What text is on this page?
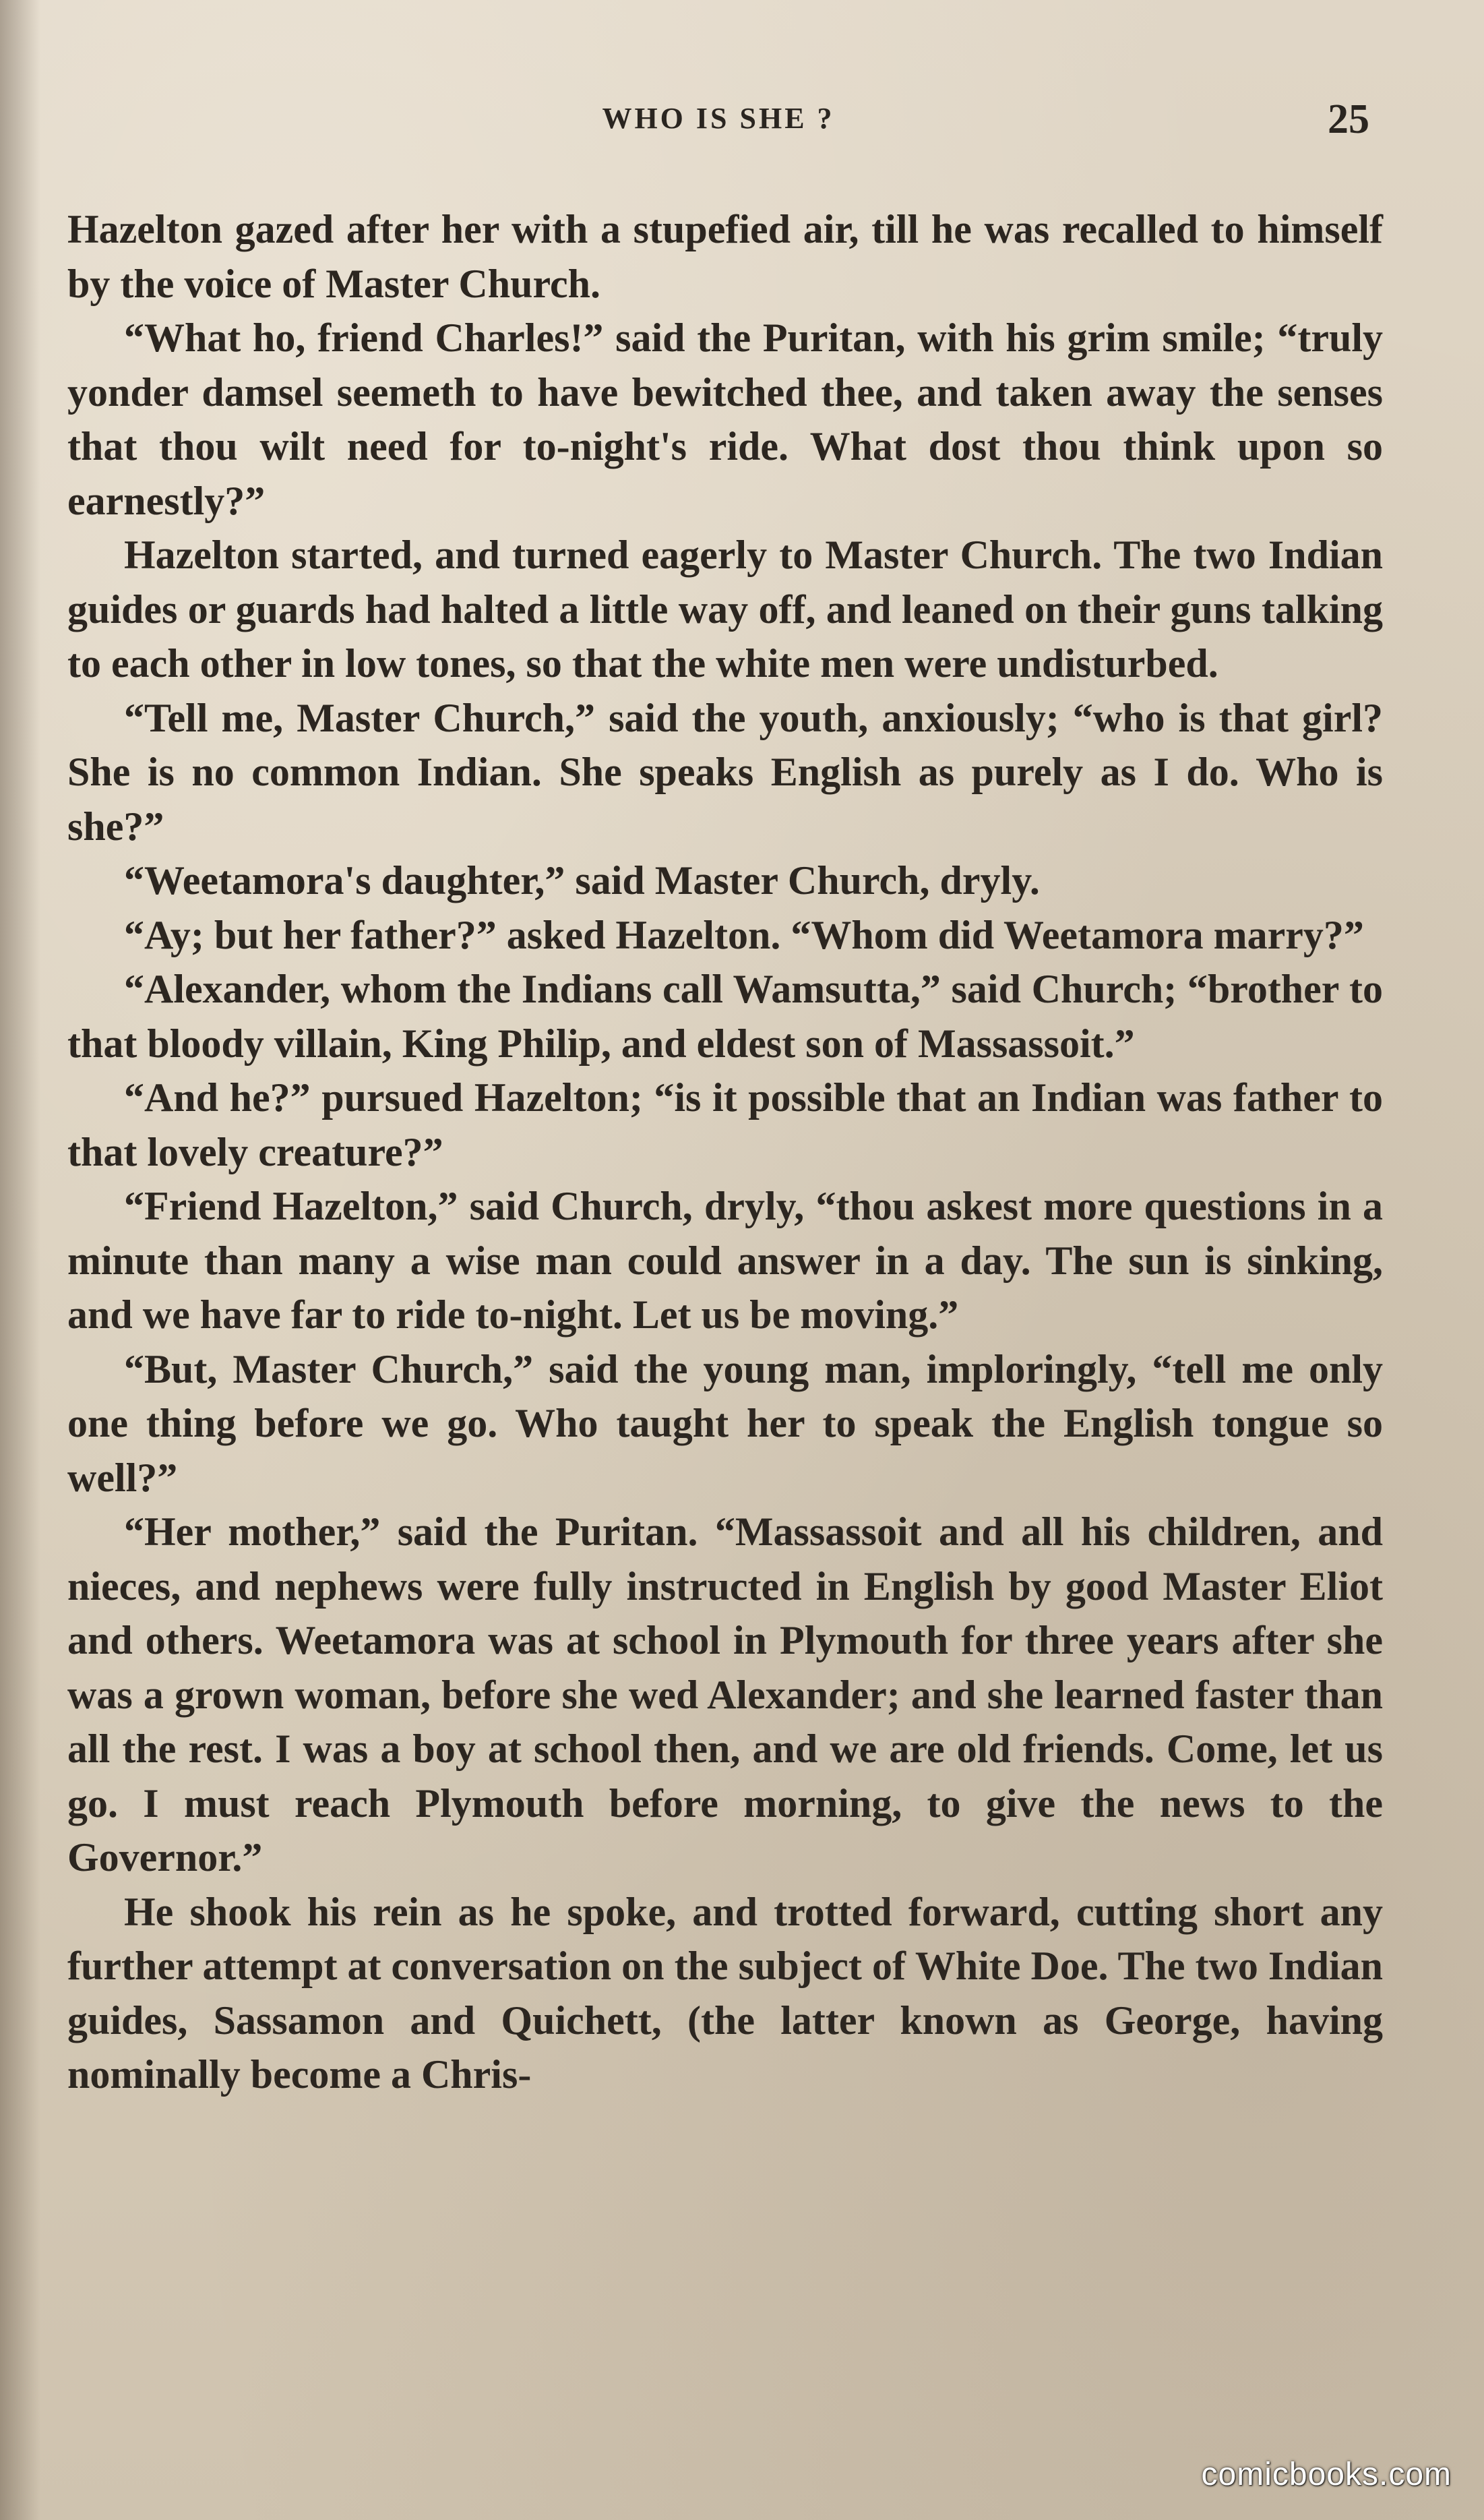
WHO IS SHE ?	25

Hazelton gazed after her with a stupefied air, till he was recalled to himself by the voice of Master Church.

“What ho, friend Charles!” said the Puritan, with his grim smile; “truly yonder damsel seemeth to have bewitched thee, and taken away the senses that thou wilt need for to-night's ride. What dost thou think upon so earnestly?”

Hazelton started, and turned eagerly to Master Church. The two Indian guides or guards had halted a little way off, and leaned on their guns talking to each other in low tones, so that the white men were undisturbed.

“Tell me, Master Church,” said the youth, anxiously; “who is that girl? She is no common Indian. She speaks English as purely as I do. Who is she?”

“Weetamora's daughter,” said Master Church, dryly.

“Ay; but her father?” asked Hazelton. “Whom did Weetamora marry?”

“Alexander, whom the Indians call Wamsutta,” said Church; “brother to that bloody villain, King Philip, and eldest son of Massassoit.”

“And he?” pursued Hazelton; “is it possible that an Indian was father to that lovely creature?”

“Friend Hazelton,” said Church, dryly, “thou askest more questions in a minute than many a wise man could answer in a day. The sun is sinking, and we have far to ride to-night. Let us be moving.”

“But, Master Church,” said the young man, imploringly, “tell me only one thing before we go. Who taught her to speak the English tongue so well?”

“Her mother,” said the Puritan. “Massassoit and all his children, and nieces, and nephews were fully instructed in English by good Master Eliot and others. Weetamora was at school in Plymouth for three years after she was a grown woman, before she wed Alexander; and she learned faster than all the rest. I was a boy at school then, and we are old friends. Come, let us go. I must reach Plymouth before morning, to give the news to the Governor.”

He shook his rein as he spoke, and trotted forward, cutting short any further attempt at conversation on the subject of White Doe. The two Indian guides, Sassamon and Quichett, (the latter known as George, having nominally become a Chris-

comicbooks.com
